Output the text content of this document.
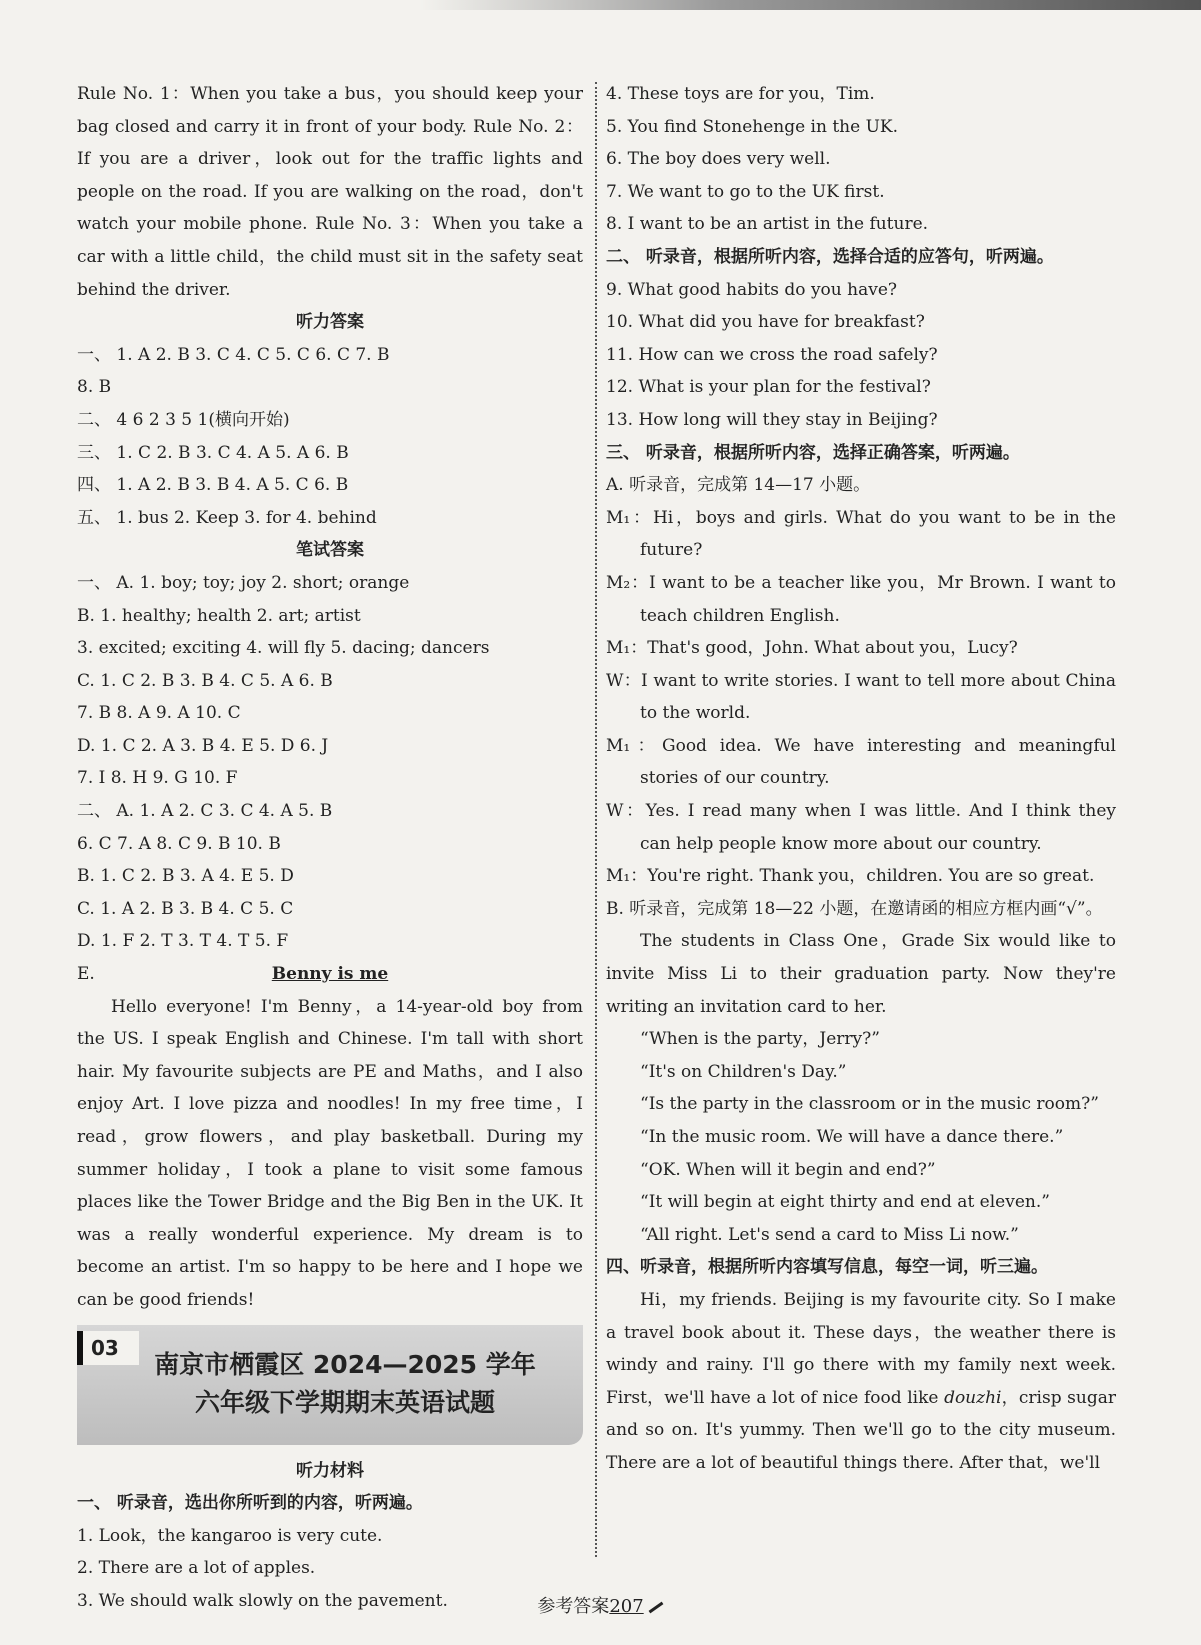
Rule No. 1：When you take a bus，you should keep your bag closed and carry it in front of your body. Rule No. 2：If you are a driver，look out for the traffic lights and people on the road. If you are walking on the road，don't watch your mobile phone. Rule No. 3：When you take a car with a little child，the child must sit in the safety seat behind the driver.

听力答案

一、 1. A 2. B 3. C 4. C 5. C 6. C 7. B

8. B

二、 4 6 2 3 5 1(横向开始)

三、 1. C 2. B 3. C 4. A 5. A 6. B

四、 1. A 2. B 3. B 4. A 5. C 6. B

五、 1. bus 2. Keep 3. for 4. behind

笔试答案

一、 A. 1. boy; toy; joy 2. short; orange

B. 1. healthy; health 2. art; artist

3. excited; exciting 4. will fly 5. dacing; dancers

C. 1. C 2. B 3. B 4. C 5. A 6. B

7. B 8. A 9. A 10. C

D. 1. C 2. A 3. B 4. E 5. D 6. J

7. I 8. H 9. G 10. F

二、 A. 1. A 2. C 3. C 4. A 5. B

6. C 7. A 8. C 9. B 10. B

B. 1. C 2. B 3. A 4. E 5. D

C. 1. A 2. B 3. B 4. C 5. C

D. 1. F 2. T 3. T 4. T 5. F

E.	Benny is me

Hello everyone! I'm Benny，a 14-year-old boy from the US. I speak English and Chinese. I'm tall with short hair. My favourite subjects are PE and Maths，and I also enjoy Art. I love pizza and noodles! In my free time，I read，grow flowers，and play basketball. During my summer holiday，I took a plane to visit some famous places like the Tower Bridge and the Big Ben in the UK. It was a really wonderful experience. My dream is to become an artist. I'm so happy to be here and I hope we can be good friends!

03
南京市栖霞区 2024—2025 学年
六年级下学期期末英语试题

听力材料

一、 听录音，选出你所听到的内容，听两遍。

1. Look，the kangaroo is very cute.

2. There are a lot of apples.

3. We should walk slowly on the pavement.

4. These toys are for you，Tim.

5. You find Stonehenge in the UK.

6. The boy does very well.

7. We want to go to the UK first.

8. I want to be an artist in the future.

二、 听录音，根据所听内容，选择合适的应答句，听两遍。

9. What good habits do you have?

10. What did you have for breakfast?

11. How can we cross the road safely?

12. What is your plan for the festival?

13. How long will they stay in Beijing?

三、 听录音，根据所听内容，选择正确答案，听两遍。

A. 听录音，完成第 14—17 小题。

M₁：Hi，boys and girls. What do you want to be in the future?

M₂：I want to be a teacher like you，Mr Brown. I want to teach children English.

M₁：That's good，John. What about you，Lucy?

W：I want to write stories. I want to tell more about China to the world.

M₁：Good idea. We have interesting and meaningful stories of our country.

W：Yes. I read many when I was little. And I think they can help people know more about our country.

M₁：You're right. Thank you，children. You are so great.

B. 听录音，完成第 18—22 小题，在邀请函的相应方框内画“√”。

The students in Class One，Grade Six would like to invite Miss Li to their graduation party. Now they're writing an invitation card to her.

“When is the party，Jerry?”

“It's on Children's Day.”

“Is the party in the classroom or in the music room?”

“In the music room. We will have a dance there.”

“OK. When will it begin and end?”

“It will begin at eight thirty and end at eleven.”

“All right. Let's send a card to Miss Li now.”

四、听录音，根据所听内容填写信息，每空一词，听三遍。

Hi，my friends. Beijing is my favourite city. So I make a travel book about it. These days，the weather there is windy and rainy. I'll go there with my family next week. First，we'll have a lot of nice food like douzhi，crisp sugar and so on. It's yummy. Then we'll go to the city museum. There are a lot of beautiful things there. After that，we'll

参考答案207
